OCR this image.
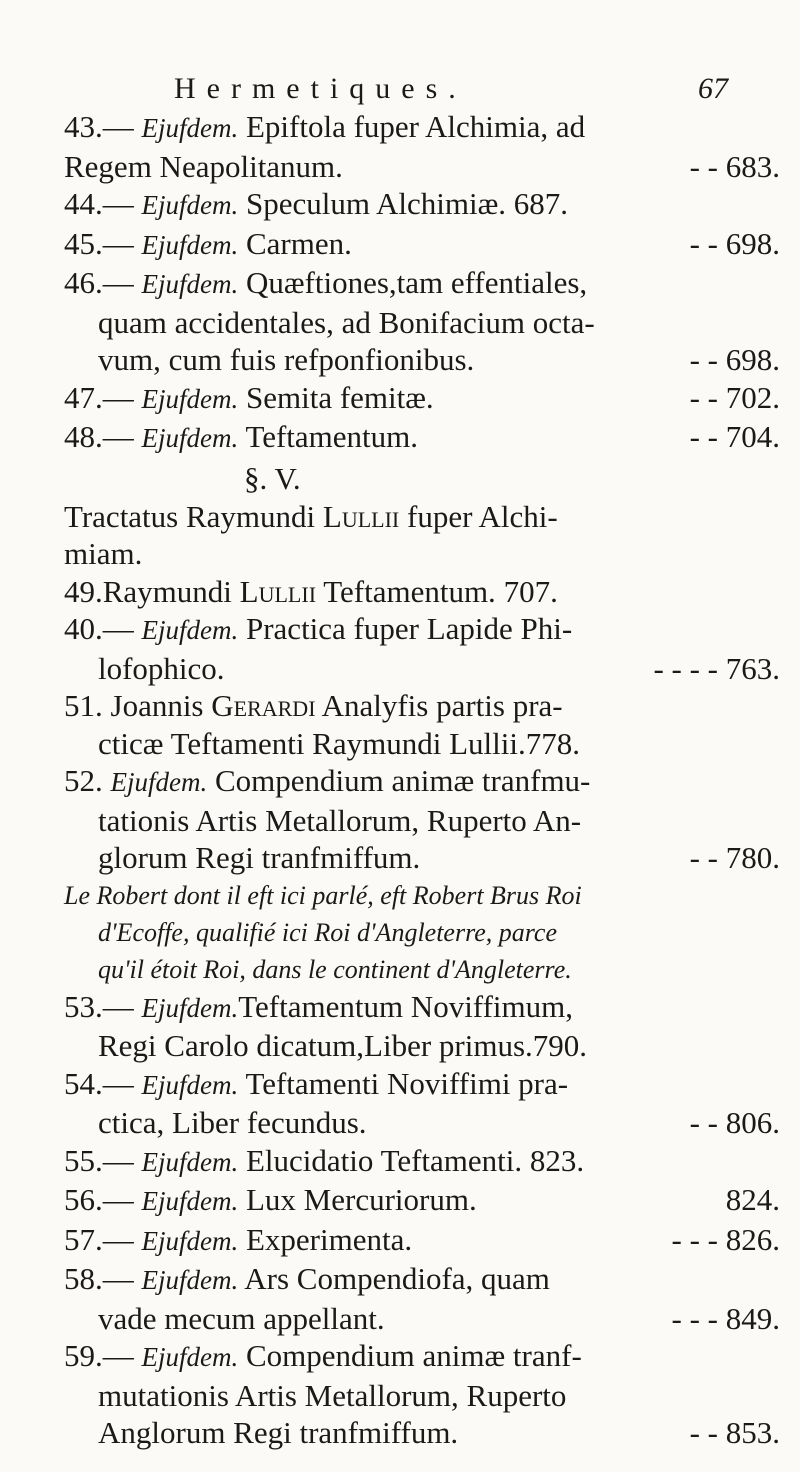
Hermetiques.	67
43.— Ejufdem. Epiftola fuper Alchimia, ad
Regem Neapolitanum.	- - 683.
44.— Ejufdem. Speculum Alchimiæ. 687.
45.— Ejufdem. Carmen.	- - 698.
46.— Ejufdem. Quæftiones,tam effentiales,
quam accidentales, ad Bonifacium octa-
vum, cum fuis refponfionibus.	- - 698.
47.— Ejufdem. Semita femitæ.	- - 702.
48.— Ejufdem. Teftamentum.	- - 704.
§. V.
Tractatus Raymundi Lullii fuper Alchi-
miam.
49.Raymundi Lullii Teftamentum. 707.
40.— Ejufdem. Practica fuper Lapide Phi-
lofophico.	- - - - 763.
51. Joannis Gerardi Analyfis partis pra-
cticæ Teftamenti Raymundi Lullii.778.
52. Ejufdem. Compendium animæ tranfmu-
tationis Artis Metallorum, Ruperto An-
glorum Regi tranfmiffum.	- - 780.
Le Robert dont il eft ici parlé, eft Robert Brus Roi
d'Ecoffe, qualifié ici Roi d'Angleterre, parce
qu'il étoit Roi, dans le continent d'Angleterre.
53.— Ejufdem.Teftamentum Noviffimum,
Regi Carolo dicatum,Liber primus.790.
54.— Ejufdem. Teftamenti Noviffimi pra-
ctica, Liber fecundus.	- - 806.
55.— Ejufdem. Elucidatio Teftamenti. 823.
56.— Ejufdem. Lux Mercuriorum.	824.
57.— Ejufdem. Experimenta.	- - - 826.
58.— Ejufdem. Ars Compendiofa, quam
vade mecum appellant.	- - - 849.
59.— Ejufdem. Compendium animæ tranf-
mutationis Artis Metallorum, Ruperto
Anglorum Regi tranfmiffum.	- - 853.
